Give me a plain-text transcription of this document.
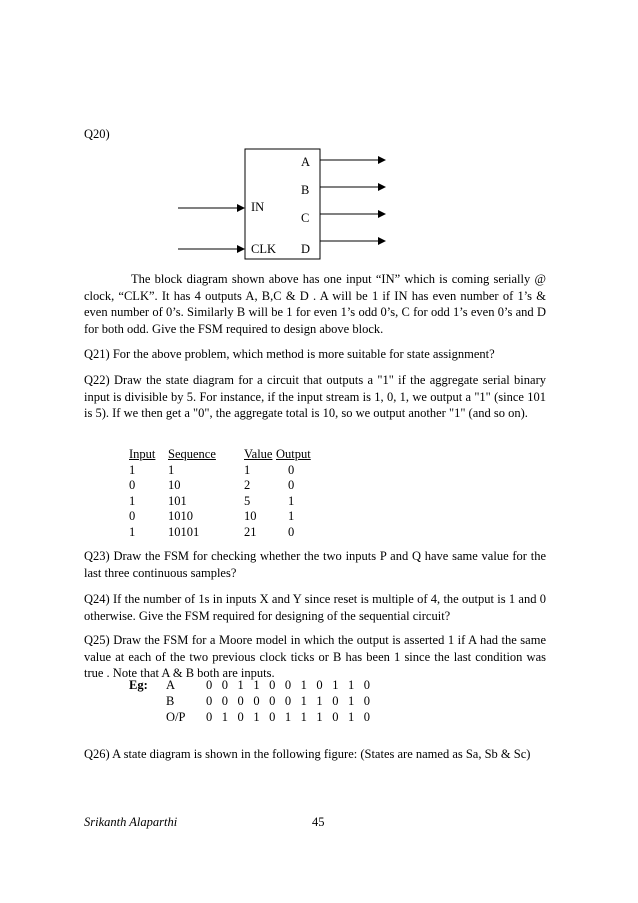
Q20)

A
B
C
D
IN
CLK

The block diagram shown above has one input “IN” which is coming serially @ clock, “CLK”. It has 4 outputs A, B,C & D . A will be 1 if IN has even number of 1’s & even number of 0’s. Similarly B will be 1 for even 1’s odd 0’s, C for odd 1’s even 0’s and D for both odd. Give the FSM required to design above block.

Q21) For the above problem, which method is more suitable for state assignment?

Q22) Draw the state diagram for a circuit that outputs a "1" if the aggregate serial binary input is divisible by 5. For instance, if the input stream is 1, 0, 1, we output a "1" (since 101 is 5). If we then get a "0", the aggregate total is 10, so we output another "1" (and so on).

Input	Sequence	Value	Output
1	1	1	0
0	10	2	0
1	101	5	1
0	1010	10	1
1	10101	21	0

Q23) Draw the FSM for checking whether the two inputs P and Q have same value for the last three continuous samples?

Q24) If the number of 1s in inputs X and Y since reset is multiple of 4, the output is 1 and 0 otherwise. Give the FSM required for designing of the sequential circuit?

Q25) Draw the FSM for a Moore model in which the output is asserted 1 if A had the same value at each of the two previous clock ticks or B has been 1 since the last condition was true . Note that A & B both are inputs.

Eg:	A	0 0 1 1 0 0 1 0 1 1 0
	B	0 0 0 0 0 0 1 1 0 1 0
	O/P	0 1 0 1 0 1 1 1 0 1 0

Q26) A state diagram is shown in the following figure: (States are named as Sa, Sb & Sc)

Srikanth Alaparthi	45
